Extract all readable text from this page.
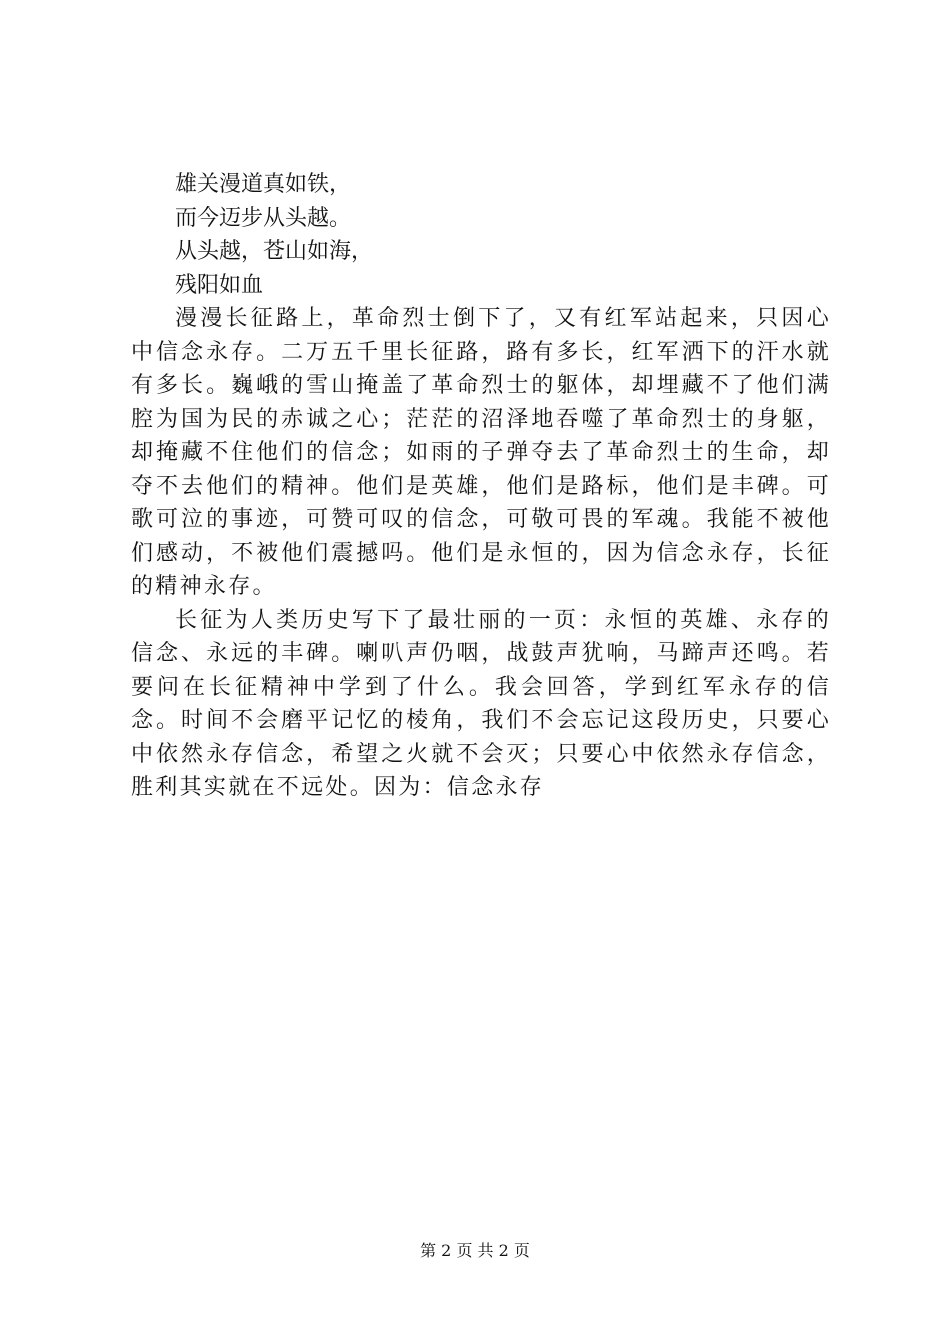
雄关漫道真如铁，
而今迈步从头越。
从头越，苍山如海，
残阳如血

漫漫长征路上，革命烈士倒下了，又有红军站起来，只因心中信念永存。二万五千里长征路，路有多长，红军洒下的汗水就有多长。巍峨的雪山掩盖了革命烈士的躯体，却埋藏不了他们满腔为国为民的赤诚之心；茫茫的沼泽地吞噬了革命烈士的身躯，却掩藏不住他们的信念；如雨的子弹夺去了革命烈士的生命，却夺不去他们的精神。他们是英雄，他们是路标，他们是丰碑。可歌可泣的事迹，可赞可叹的信念，可敬可畏的军魂。我能不被他们感动，不被他们震撼吗。他们是永恒的，因为信念永存，长征的精神永存。

长征为人类历史写下了最壮丽的一页：永恒的英雄、永存的信念、永远的丰碑。喇叭声仍咽，战鼓声犹响，马蹄声还鸣。若要问在长征精神中学到了什么。我会回答，学到红军永存的信念。时间不会磨平记忆的棱角，我们不会忘记这段历史，只要心中依然永存信念，希望之火就不会灭；只要心中依然永存信念，胜利其实就在不远处。因为：信念永存

第 2 页 共 2 页
